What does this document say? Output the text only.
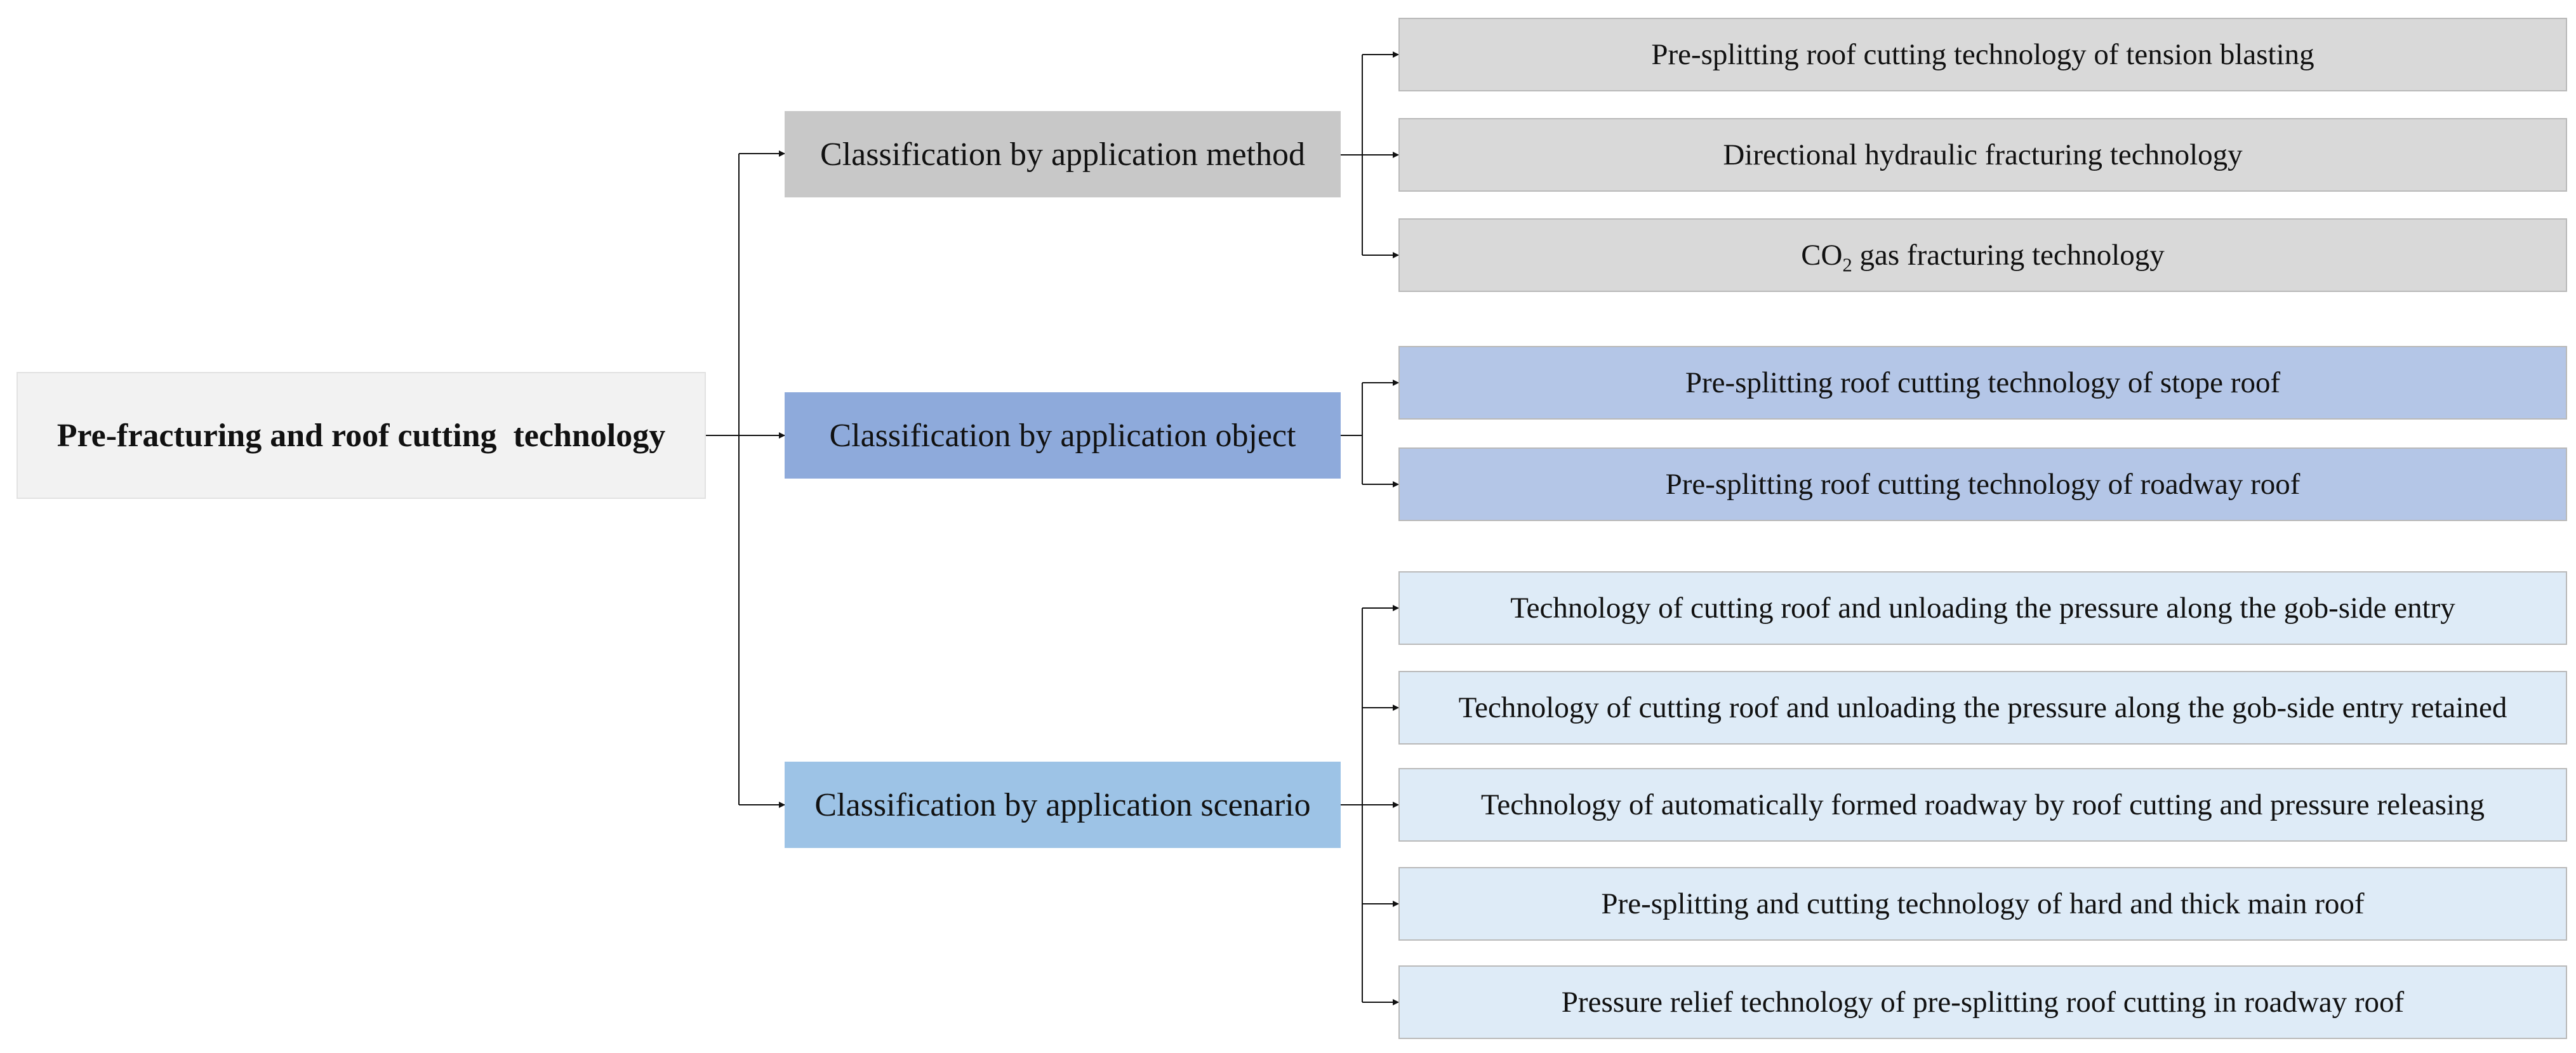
Pre-fracturing and roof cutting  technology
Classification by application method
Classification by application object
Classification by application scenario
Pre-splitting roof cutting technology of tension blasting
Directional hydraulic fracturing technology
$CO_2$ gas fracturing technology
Pre-splitting roof cutting technology of stope roof
Pre-splitting roof cutting technology of roadway roof
Technology of cutting roof and unloading the pressure along the gob-side entry
Technology of cutting roof and unloading the pressure along the gob-side entry retained
Technology of automatically formed roadway by roof cutting and pressure releasing
Pre-splitting and cutting technology of hard and thick main roof
Pressure relief technology of pre-splitting roof cutting in roadway roof
